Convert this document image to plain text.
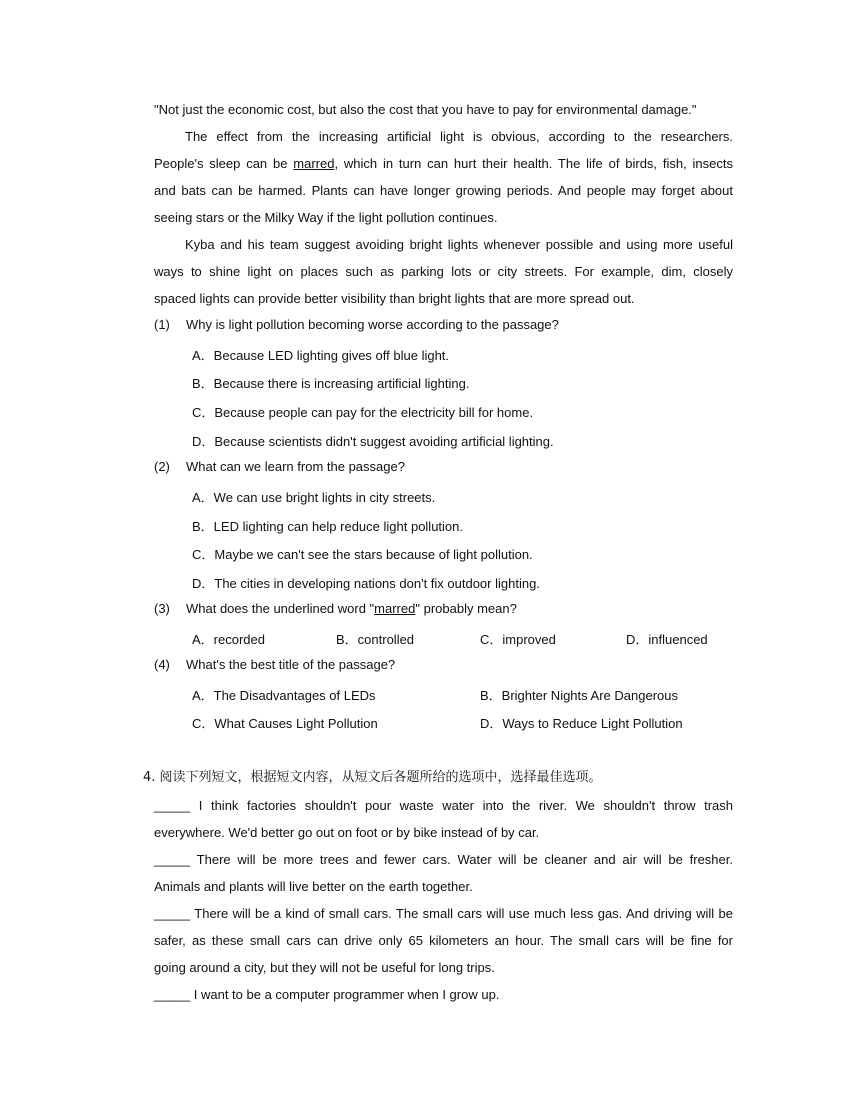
"Not just the economic cost, but also the cost that you have to pay for environmental damage."
The effect from the increasing artificial light is obvious, according to the researchers.
People's sleep can be marred, which in turn can hurt their health. The life of birds, fish, insects
and bats can be harmed. Plants can have longer growing periods. And people may forget about
seeing stars or the Milky Way if the light pollution continues.
Kyba and his team suggest avoiding bright lights whenever possible and using more useful
ways to shine light on places such as parking lots or city streets. For example, dim, closely
spaced lights can provide better visibility than bright lights that are more spread out.
(1) Why is light pollution becoming worse according to the passage?
A．Because LED lighting gives off blue light.
B．Because there is increasing artificial lighting.
C．Because people can pay for the electricity bill for home.
D．Because scientists didn't suggest avoiding artificial lighting.
(2) What can we learn from the passage?
A．We can use bright lights in city streets.
B．LED lighting can help reduce light pollution.
C．Maybe we can't see the stars because of light pollution.
D．The cities in developing nations don't fix outdoor lighting.
(3) What does the underlined word "marred" probably mean?
A．recorded	B．controlled	C．improved	D．influenced
(4) What's the best title of the passage?
A．The Disadvantages of LEDs	B．Brighter Nights Are Dangerous
C．What Causes Light Pollution	D．Ways to Reduce Light Pollution
4. 阅读下列短文，根据短文内容，从短文后各题所给的选项中，选择最佳选项。
_____ I think factories shouldn't pour waste water into the river. We shouldn't throw trash
everywhere. We'd better go out on foot or by bike instead of by car.
_____ There will be more trees and fewer cars. Water will be cleaner and air will be fresher.
Animals and plants will live better on the earth together.
_____ There will be a kind of small cars. The small cars will use much less gas. And driving will be
safer, as these small cars can drive only 65 kilometers an hour. The small cars will be fine for
going around a city, but they will not be useful for long trips.
_____ I want to be a computer programmer when I grow up.
